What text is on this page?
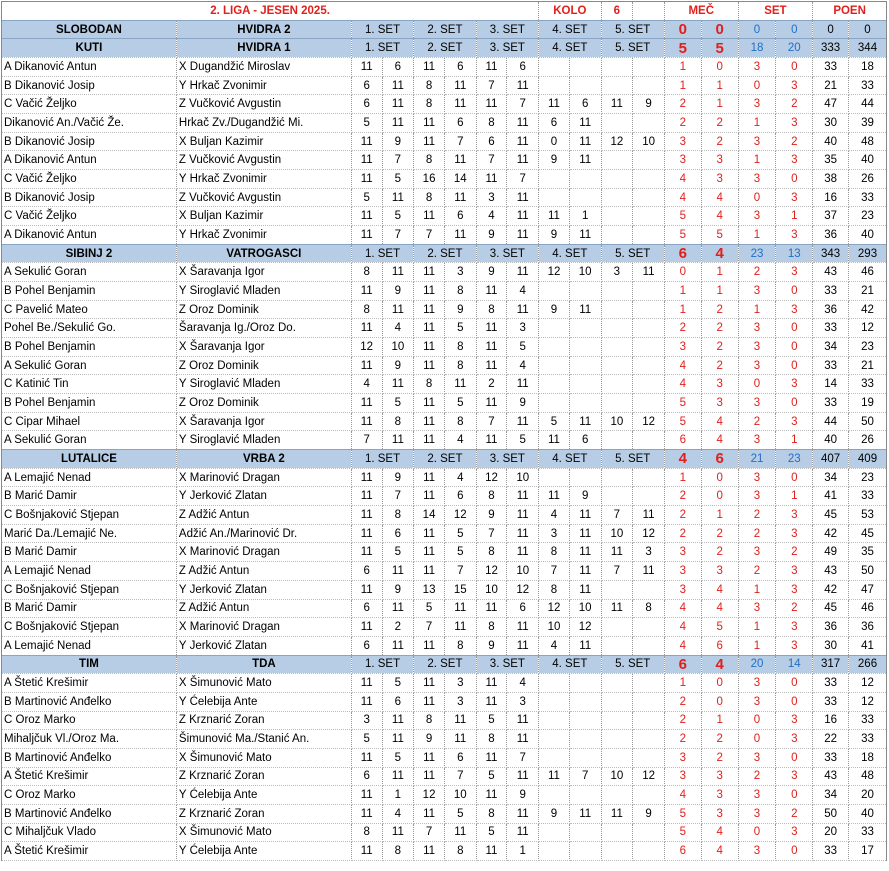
2. LIGA - JESEN 2025.								KOLO		6		MEČ		SET		POEN	
SLOBODAN	HVIDRA 2	1. SET		2. SET		3. SET		4. SET		5. SET		0	0	0	0	0	0
KUTI	HVIDRA 1	1. SET		2. SET		3. SET		4. SET		5. SET		5	5	18	20	333	344
A Dikanović Antun	X Dugandžić Miroslav	11	6	11	6	11	6					1	0	3	0	33	18
B Dikanović Josip	Y Hrkač Zvonimir	6	11	8	11	7	11					1	1	0	3	21	33
C Vačić Željko	Z Vučković Avgustin	6	11	8	11	11	7	11	6	11	9	2	1	3	2	47	44
Dikanović An./Vačić Že.	Hrkač Zv./Dugandžić Mi.	5	11	11	6	8	11	6	11			2	2	1	3	30	39
B Dikanović Josip	X Buljan Kazimir	11	9	11	7	6	11	0	11	12	10	3	2	3	2	40	48
A Dikanović Antun	Z Vučković Avgustin	11	7	8	11	7	11	9	11			3	3	1	3	35	40
C Vačić Željko	Y Hrkač Zvonimir	11	5	16	14	11	7					4	3	3	0	38	26
B Dikanović Josip	Z Vučković Avgustin	5	11	8	11	3	11					4	4	0	3	16	33
C Vačić Željko	X Buljan Kazimir	11	5	11	6	4	11	11	1			5	4	3	1	37	23
A Dikanović Antun	Y Hrkač Zvonimir	11	7	7	11	9	11	9	11			5	5	1	3	36	40
SIBINJ 2	VATROGASCI	1. SET		2. SET		3. SET		4. SET		5. SET		6	4	23	13	343	293
A Sekulić Goran	X Šaravanja Igor	8	11	11	3	9	11	12	10	3	11	0	1	2	3	43	46
B Pohel Benjamin	Y Siroglavić Mladen	11	9	11	8	11	4					1	1	3	0	33	21
C Pavelić Mateo	Z Oroz Dominik	8	11	11	9	8	11	9	11			1	2	1	3	36	42
Pohel Be./Sekulić Go.	Šaravanja Ig./Oroz Do.	11	4	11	5	11	3					2	2	3	0	33	12
B Pohel Benjamin	X Šaravanja Igor	12	10	11	8	11	5					3	2	3	0	34	23
A Sekulić Goran	Z Oroz Dominik	11	9	11	8	11	4					4	2	3	0	33	21
C Katinić Tin	Y Siroglavić Mladen	4	11	8	11	2	11					4	3	0	3	14	33
B Pohel Benjamin	Z Oroz Dominik	11	5	11	5	11	9					5	3	3	0	33	19
C Cipar Mihael	X Šaravanja Igor	11	8	11	8	7	11	5	11	10	12	5	4	2	3	44	50
A Sekulić Goran	Y Siroglavić Mladen	7	11	11	4	11	5	11	6			6	4	3	1	40	26
LUTALICE	VRBA 2	1. SET		2. SET		3. SET		4. SET		5. SET		4	6	21	23	407	409
A Lemajić Nenad	X Marinović Dragan	11	9	11	4	12	10					1	0	3	0	34	23
B Marić Damir	Y Jerković Zlatan	11	7	11	6	8	11	11	9			2	0	3	1	41	33
C Bošnjaković Stjepan	Z Adžić Antun	11	8	14	12	9	11	4	11	7	11	2	1	2	3	45	53
Marić Da./Lemajić Ne.	Adžić An./Marinović Dr.	11	6	11	5	7	11	3	11	10	12	2	2	2	3	42	45
B Marić Damir	X Marinović Dragan	11	5	11	5	8	11	8	11	11	3	3	2	3	2	49	35
A Lemajić Nenad	Z Adžić Antun	6	11	11	7	12	10	7	11	7	11	3	3	2	3	43	50
C Bošnjaković Stjepan	Y Jerković Zlatan	11	9	13	15	10	12	8	11			3	4	1	3	42	47
B Marić Damir	Z Adžić Antun	6	11	5	11	11	6	12	10	11	8	4	4	3	2	45	46
C Bošnjaković Stjepan	X Marinović Dragan	11	2	7	11	8	11	10	12			4	5	1	3	36	36
A Lemajić Nenad	Y Jerković Zlatan	6	11	11	8	9	11	4	11			4	6	1	3	30	41
TIM	TDA	1. SET		2. SET		3. SET		4. SET		5. SET		6	4	20	14	317	266
A Štetić Krešimir	X Šimunović Mato	11	5	11	3	11	4					1	0	3	0	33	12
B Martinović Anđelko	Y Ćelebija Ante	11	6	11	3	11	3					2	0	3	0	33	12
C Oroz Marko	Z Krznarić Zoran	3	11	8	11	5	11					2	1	0	3	16	33
Mihaljčuk Vl./Oroz Ma.	Šimunović Ma./Stanić An.	5	11	9	11	8	11					2	2	0	3	22	33
B Martinović Anđelko	X Šimunović Mato	11	5	11	6	11	7					3	2	3	0	33	18
A Štetić Krešimir	Z Krznarić Zoran	6	11	11	7	5	11	11	7	10	12	3	3	2	3	43	48
C Oroz Marko	Y Ćelebija Ante	11	1	12	10	11	9					4	3	3	0	34	20
B Martinović Anđelko	Z Krznarić Zoran	11	4	11	5	8	11	9	11	11	9	5	3	3	2	50	40
C Mihaljčuk Vlado	X Šimunović Mato	8	11	7	11	5	11					5	4	0	3	20	33
A Štetić Krešimir	Y Ćelebija Ante	11	8	11	8	11	1					6	4	3	0	33	17
